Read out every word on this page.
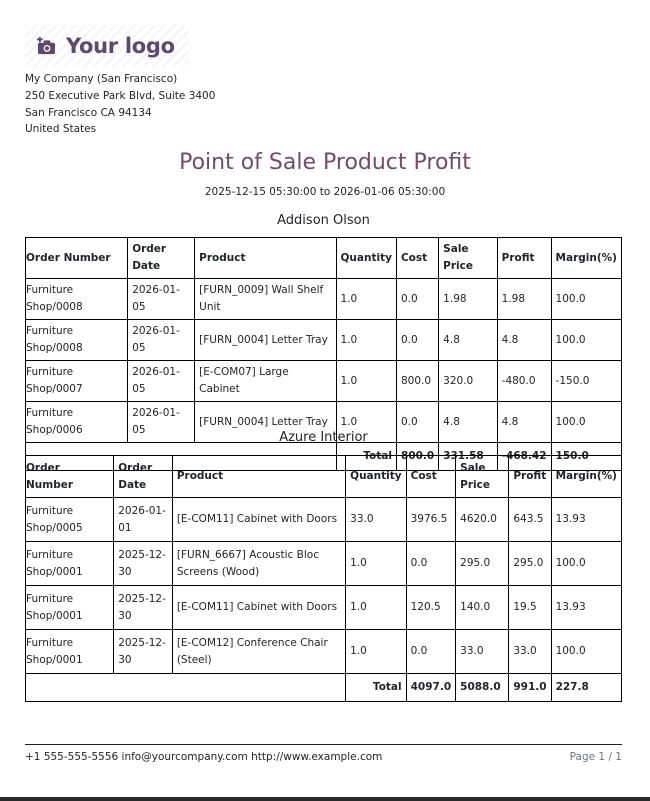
Your logo
My Company (San Francisco)
250 Executive Park Blvd, Suite 3400
San Francisco CA 94134
United States
Point of Sale Product Profit
2025-12-15 05:30:00 to 2026-01-06 05:30:00
Addison Olson
Order Number	Order Date	Product	Quantity	Cost	Sale Price	Profit	Margin(%)
Furniture Shop/0008	2026-01-05	[FURN_0009] Wall Shelf Unit	1.0	0.0	1.98	1.98	100.0
Furniture Shop/0008	2026-01-05	[FURN_0004] Letter Tray	1.0	0.0	4.8	4.8	100.0
Furniture Shop/0007	2026-01-05	[E-COM07] Large Cabinet	1.0	800.0	320.0	-480.0	-150.0
Furniture Shop/0006	2026-01-05	[FURN_0004] Letter Tray	1.0	0.0	4.8	4.8	100.0
			Total	800.0	331.58	-468.42	150.0
Azure Interior
Order Number	Order Date	Product	Quantity	Cost	Sale Price	Profit	Margin(%)
Furniture Shop/0005	2026-01-01	[E-COM11] Cabinet with Doors	33.0	3976.5	4620.0	643.5	13.93
Furniture Shop/0001	2025-12-30	[FURN_6667] Acoustic Bloc Screens (Wood)	1.0	0.0	295.0	295.0	100.0
Furniture Shop/0001	2025-12-30	[E-COM11] Cabinet with Doors	1.0	120.5	140.0	19.5	13.93
Furniture Shop/0001	2025-12-30	[E-COM12] Conference Chair (Steel)	1.0	0.0	33.0	33.0	100.0
			Total	4097.0	5088.0	991.0	227.8
+1 555-555-5556 info@yourcompany.com http://www.example.com	Page 1 / 1
